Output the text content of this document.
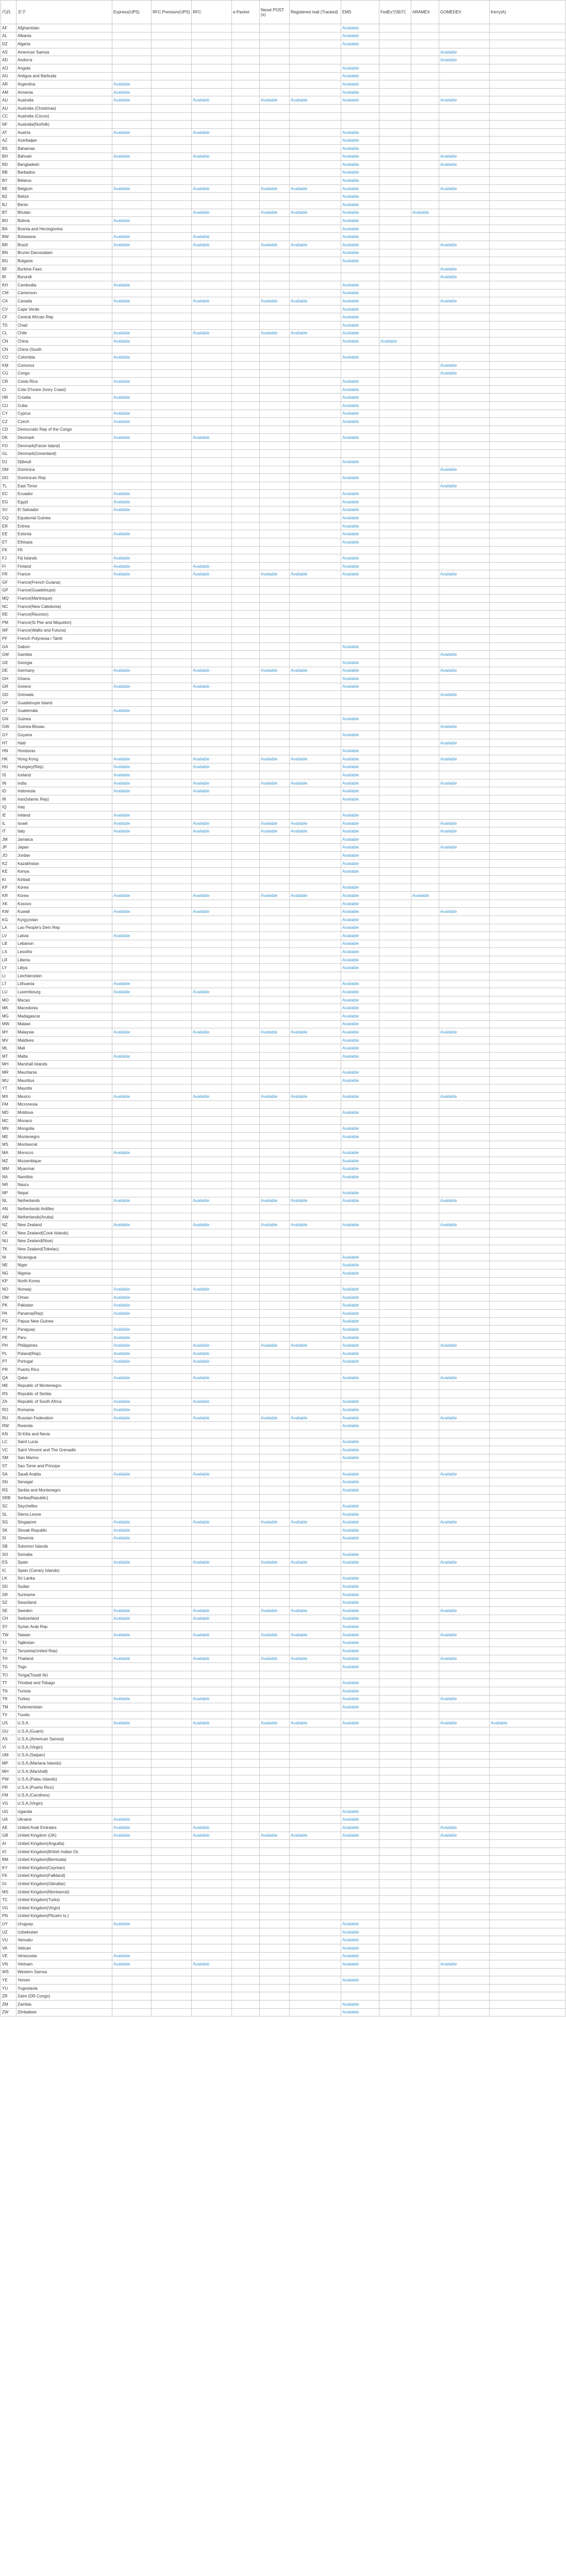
代码	名字	Express(UPS)	RFC Premium(UPS)	RFC	e-Packet	Nexet POST(s)	Registered mail (Tracked)	EMS	FedEx空邮/代	ARAMEX	GOMEDEV	Kerry(A)
AF	Afghanistan							Available				
AL	Albania							Available				
DZ	Algeria							Available				
AS	American Samoa										Available	
AD	Andorra										Available	
AO	Angola							Available				
AG	Antigua and Barbuda							Available				
AR	Argentina	Available						Available				
AM	Armenia	Available						Available				
AU	Australia	Available		Available		Available	Available	Available			Available	
AU	Australia (Christmas)											
CC	Australia (Cocos)											
NF	Australia(Norfolk)											
AT	Austria	Available		Available				Available				
AZ	Azerbaijan							Available				
BS	Bahamas							Available				
BH	Bahrain	Available		Available				Available			Available	
BD	Bangladesh							Available			Available	
BB	Barbados							Available				
BY	Belarus							Available				
BE	Belgium	Available		Available		Available	Available	Available			Available	
BZ	Belize							Available				
BJ	Benin							Available				
BT	Bhutan			Available		Available	Available	Available		Available		
BO	Bolivia	Available						Available				
BA	Bosnia and Herzegovina							Available				
BW	Botswana	Available		Available				Available				
BR	Brazil	Available		Available		Available	Available	Available			Available	
BN	Brunei Darussalam							Available				
BG	Bulgaria							Available				
BF	Burkina Faso										Available	
BI	Burundi										Available	
KH	Cambodia	Available						Available				
CM	Cameroon							Available				
CA	Canada	Available		Available		Available	Available	Available			Available	
CV	Cape Verde							Available				
CF	Central African Rep							Available				
TD	Chad							Available				
CL	Chile	Available		Available		Available	Available	Available				
CN	China	Available						Available	Available			
CN	China (South											
CO	Colombia	Available						Available				
KM	Comoros										Available	
CG	Congo										Available	
CR	Costa Rica	Available						Available				
CI	Cote D'Ivoire (Ivory Coast)							Available				
HR	Croatia	Available						Available				
CU	Cuba							Available				
CY	Cyprus	Available						Available				
CZ	Czech	Available						Available				
CD	Democratic Rep of the Congo											
DK	Denmark	Available		Available				Available				
FO	Denmark(Faroe Island)											
GL	Denmark(Greenland)											
DJ	Djibouti							Available				
DM	Dominica										Available	
DO	Dominican Rep							Available				
TL	East Timor										Available	
EC	Ecuador	Available						Available				
EG	Egypt	Available						Available				
SV	El Salvador	Available						Available				
GQ	Equatorial Guinea							Available				
ER	Eritrea							Available				
EE	Estonia	Available						Available				
ET	Ethiopia							Available				
FK	FK											
FJ	Fiji Islands	Available						Available				
FI	Finland	Available		Available				Available				
FR	France	Available		Available		Available	Available	Available			Available	
GF	France(French Guiana)											
GP	France(Guadeloupe)											
MQ	France(Martinique)											
NC	France(New Caledonia)											
RE	France(Reunion)											
PM	France(St Pier and Miquelon)											
WF	France(Wallis and Futuna)											
PF	French Polynesia / Tahiti											
GA	Gabon							Available				
GM	Gambia										Available	
GE	Georgia							Available				
DE	Germany	Available		Available		Available	Available	Available			Available	
GH	Ghana							Available				
GR	Greece	Available		Available				Available				
GD	Grenada										Available	
GP	Guadeloupe Island											
GT	Guatemala	Available										
GN	Guinea							Available				
GW	Guinea-Bissau										Available	
GY	Guyana							Available				
HT	Haiti										Available	
HN	Honduras							Available				
HK	Hong Kong	Available		Available		Available	Available	Available			Available	
HU	Hungary(Rep)	Available		Available				Available				
IS	Iceland	Available						Available				
IN	India	Available		Available		Available	Available	Available			Available	
ID	Indonesia	Available		Available				Available				
IR	Iran(Islamic Rep)							Available				
IQ	Iraq											
IE	Ireland	Available						Available				
IL	Israel	Available		Available		Available	Available	Available			Available	
IT	Italy	Available		Available		Available	Available	Available			Available	
JM	Jamaica							Available				
JP	Japan							Available			Available	
JO	Jordan							Available				
KZ	Kazakhstan							Available				
KE	Kenya							Available				
KI	Kiribati											
KP	Korea							Available				
KR	Korea	Available		Available		Available	Available	Available		Available		
XK	Kosovo							Available				
KW	Kuwait	Available		Available				Available			Available	
KG	Kyrgyzstan							Available				
LA	Lao People's Dem Rep							Available				
LV	Latvia	Available						Available				
LB	Lebanon							Available				
LS	Lesotho							Available				
LR	Liberia							Available				
LY	Libya							Available				
LI	Liechtenstein											
LT	Lithuania	Available						Available				
LU	Luxembourg	Available		Available				Available				
MO	Macao							Available				
MK	Macedonia							Available				
MG	Madagascar							Available				
MW	Malawi							Available				
MY	Malaysia	Available		Available		Available	Available	Available			Available	
MV	Maldives							Available				
ML	Mali							Available				
MT	Malta	Available						Available				
MH	Marshall Islands											
MR	Mauritania							Available				
MU	Mauritius							Available				
YT	Mayotte											
MX	Mexico	Available		Available		Available	Available	Available			Available	
FM	Micronesia											
MD	Moldova							Available				
MC	Monaco											
MN	Mongolia							Available				
ME	Montenegro							Available				
MS	Montserrat											
MA	Morocco	Available						Available				
MZ	Mozambique							Available				
MM	Myanmar							Available				
NA	Namibia							Available				
NR	Nauru											
NP	Nepal							Available				
NL	Netherlands	Available		Available		Available	Available	Available			Available	
AN	Netherlands Antilles											
AW	Netherlands(Aruba)											
NZ	New Zealand	Available		Available		Available	Available	Available			Available	
CK	New Zealand(Cook Islands)											
NU	New Zealand(Niue)											
TK	New Zealand(Tokelau)											
NI	Nicaragua							Available				
NE	Niger							Available				
NG	Nigeria							Available				
KP	North Korea											
NO	Norway	Available		Available				Available				
OM	Oman	Available						Available				
PK	Pakistan	Available						Available				
PA	Panama(Rep)	Available						Available				
PG	Papua New Guinea							Available				
PY	Paraguay	Available						Available				
PE	Peru	Available						Available				
PH	Philippines	Available		Available		Available	Available	Available			Available	
PL	Poland(Rep)	Available		Available				Available				
PT	Portugal	Available		Available				Available				
PR	Puerto Rico											
QA	Qatar	Available		Available				Available			Available	
ME	Republic of Montenegro											
RS	Republic of Serbia											
ZA	Republic of South Africa	Available		Available				Available				
RO	Romania	Available						Available				
RU	Russian Federation	Available		Available		Available	Available	Available			Available	
RW	Rwanda							Available				
KN	St Kitts and Nevis											
LC	Saint Lucia							Available				
VC	Saint Vincent and The Grenadin							Available				
SM	San Marino							Available				
ST	Sao Tome and Principe											
SA	Saudi Arabia	Available		Available				Available			Available	
SN	Senegal							Available				
RS	Serbia and Montenegro							Available				
SRB	Serbia(Republic)											
SC	Seychelles							Available				
SL	Sierra Leone							Available				
SG	Singapore	Available		Available		Available	Available	Available			Available	
SK	Slovak Republic	Available						Available				
SI	Slovenia	Available						Available				
SB	Solomon Islands											
SO	Somalia							Available				
ES	Spain	Available		Available		Available	Available	Available			Available	
IC	Spain (Canary Islands)											
LK	Sri Lanka							Available				
SD	Sudan							Available				
SR	Suriname							Available				
SZ	Swaziland							Available				
SE	Sweden	Available		Available		Available	Available	Available			Available	
CH	Switzerland	Available		Available				Available				
SY	Syrian Arab Rep							Available				
TW	Taiwan	Available		Available		Available	Available	Available			Available	
TJ	Tajikistan							Available				
TZ	Tanzania(United Rep)							Available				
TH	Thailand	Available		Available		Available	Available	Available			Available	
TG	Togo							Available				
TO	Tonga(Tosatt Ile)											
TT	Trinidad and Tobago							Available				
TN	Tunisia							Available				
TR	Turkey	Available		Available				Available			Available	
TM	Turkmenistan							Available				
TV	Tuvalu											
US	U.S.A.	Available		Available		Available	Available	Available			Available	Available
GU	U.S.A.(Guam)											
AS	U.S.A.(American Samoa)											
VI	U.S.A.(Virgin)											
UM	U.S.A.(Saipan)											
MP	U.S.A.(Mariana Islands)											
MH	U.S.A.(Marshall)											
PW	U.S.A.(Palau Islands)											
PR	U.S.A.(Puerto Rico)											
FM	U.S.A.(Carolines)											
VG	U.S.A.(Virgin)											
UG	Uganda							Available				
UA	Ukraine	Available						Available				
AE	United Arab Emirates	Available		Available				Available			Available	
GB	United Kingdom (UK)	Available		Available		Available	Available	Available			Available	
AI	United Kingdom(Anguilla)											
IO	United Kingdom(British Indian Oc											
BM	United Kingdom(Bermuda)											
KY	United Kingdom(Cayman)											
FK	United Kingdom(Falkland)											
GI	United Kingdom(Gibraltar)											
MS	United Kingdom(Montserrat)											
TC	United Kingdom(Turks)											
VG	United Kingdom(Virgin)											
PN	United Kingdom(Pitcairn Is.)											
UY	Uruguay	Available						Available				
UZ	Uzbekistan							Available				
VU	Vanuatu							Available				
VA	Vatican							Available				
VE	Venezuela	Available						Available				
VN	Vietnam	Available		Available				Available			Available	
WS	Western Samoa											
YE	Yemen							Available				
YU	Yugoslavia											
ZR	Zaire (DR Congo)											
ZM	Zambia							Available				
ZW	Zimbabwe							Available				
